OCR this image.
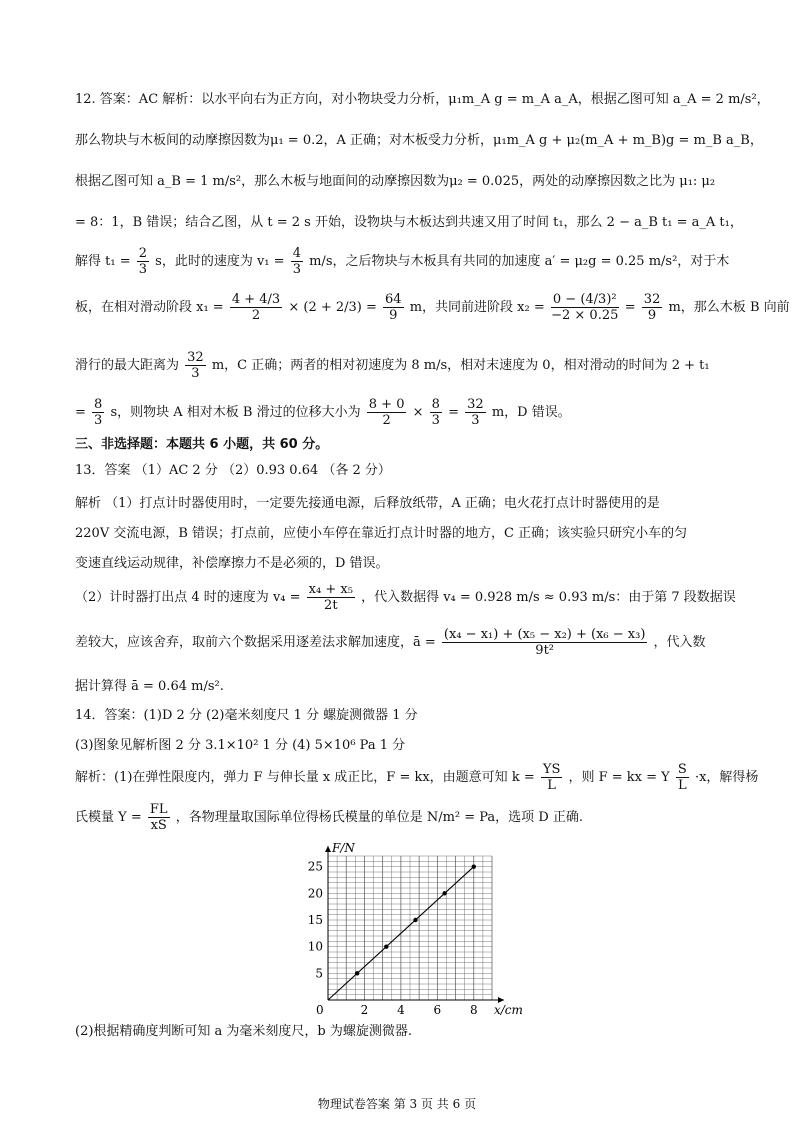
12. 答案：AC 解析：以水平向右为正方向，对小物块受力分析，μ₁m_A g = m_A a_A，根据乙图可知 a_A = 2 m/s²，
那么物块与木板间的动摩擦因数为μ₁ = 0.2，A 正确；对木板受力分析，μ₁m_A g + μ₂(m_A + m_B)g = m_B a_B，
根据乙图可知 a_B = 1 m/s²，那么木板与地面间的动摩擦因数为μ₂ = 0.025，两处的动摩擦因数之比为 μ₁: μ₂
= 8：1，B 错误；结合乙图，从 t = 2 s 开始，设物块与木板达到共速又用了时间 t₁，那么 2 − a_B t₁ = a_A t₁，
解得 $t_1 = \frac{2}{3}$ s，此时的速度为 $v_1 = \frac{4}{3} m/s$，之后物块与木板具有共同的加速度 a′ = μ₂g = 0.25 m/s²，对于木
板，在相对滑动阶段 $x_1 = \frac{4 + 4/3}{2} \times (2 + 2/3) = \frac{64}{9}$ m，共同前进阶段 $x_2 = \frac{\text{0 − (4/3)²}}{-2 \times 0.25} = \frac{32}{9}$ m，那么木板 B 向前
滑行的最大距离为 $\frac{32}{3}$ m，C 正确；两者的相对初速度为 8 m/s，相对末速度为 0，相对滑动的时间为 2 + t₁
= $\frac{8}{3}$ s，则物块 A 相对木板 B 滑过的位移大小为 $\frac{8 + 0}{2} \times \frac{8}{3} = \frac{32}{3}$ m，D 错误。
三、非选择题：本题共 6 小题，共 60 分。
13．答案 （1）AC 2 分 （2）0.93 0.64 （各 2 分）
解析 （1）打点计时器使用时，一定要先接通电源，后释放纸带，A 正确；电火花打点计时器使用的是
220V 交流电源，B 错误；打点前，应使小车停在靠近打点计时器的地方，C 正确；该实验只研究小车的匀
变速直线运动规律，补偿摩擦力不是必须的，D 错误。
（2）计时器打出点 4 时的速度为 $v_4 = \frac{\text{x₄ + x₅}}{2t}$ ，代入数据得 v₄ = 0.928 m/s ≈ 0.93 m/s：由于第 7 段数据误
差较大，应该舍弃，取前六个数据采用逐差法求解加速度，ā = $\frac{\text{(x₄ − x₁) + (x₅ − x₂) + (x₆ − x₃)}}{\text{9t²}}$ ，代入数
据计算得 ā = 0.64 m/s².
14．答案：(1)D 2 分 (2)毫米刻度尺 1 分 螺旋测微器 1 分
(3)图象见解析图 2 分 3.1×10² 1 分 (4) 5×10⁶ Pa 1 分
解析：(1)在弹性限度内，弹力 F 与伸长量 x 成正比，F = kx，由题意可知 $k = \frac{YS}{L}$ ，则 F = kx = Y $\frac{S}{L} \cdot x$，解得杨
氏模量 $Y = \frac{FL}{xS}$ ，各物理量取国际单位得杨氏模量的单位是 N/m² = Pa，选项 D 正确.
2 4 6 8
5
10
15
20
25
F/N
x/cm
0
(2)根据精确度判断可知 a 为毫米刻度尺，b 为螺旋测微器.
物理试卷答案 第 3 页 共 6 页
